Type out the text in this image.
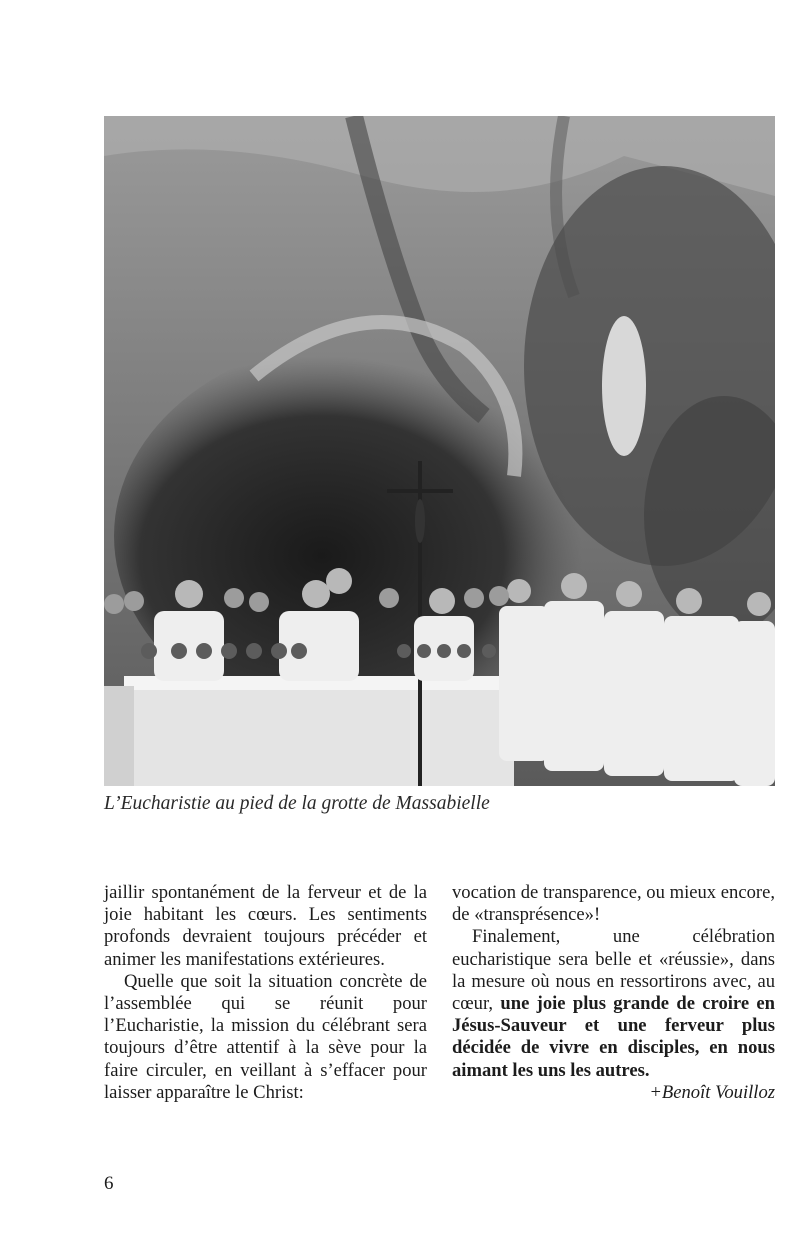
L’Eucharistie au pied de la grotte de Massabielle

jaillir spontanément de la ferveur et de la joie habitant les cœurs. Les sentiments profonds devraient toujours précéder et animer les manifestations extérieures.

Quelle que soit la situation concrète de l’assemblée qui se réunit pour l’Eucharistie, la mission du célébrant sera toujours d’être attentif à la sève pour la faire circuler, en veillant à s’effacer pour laisser apparaître le Christ:

vocation de transparence, ou mieux encore, de «transprésence»!

Finalement, une célébration eucharistique sera belle et «réussie», dans la mesure où nous en ressortirons avec, au cœur, une joie plus grande de croire en Jésus-Sauveur et une ferveur plus décidée de vivre en disciples, en nous aimant les uns les autres.

+Benoît Vouilloz

6
